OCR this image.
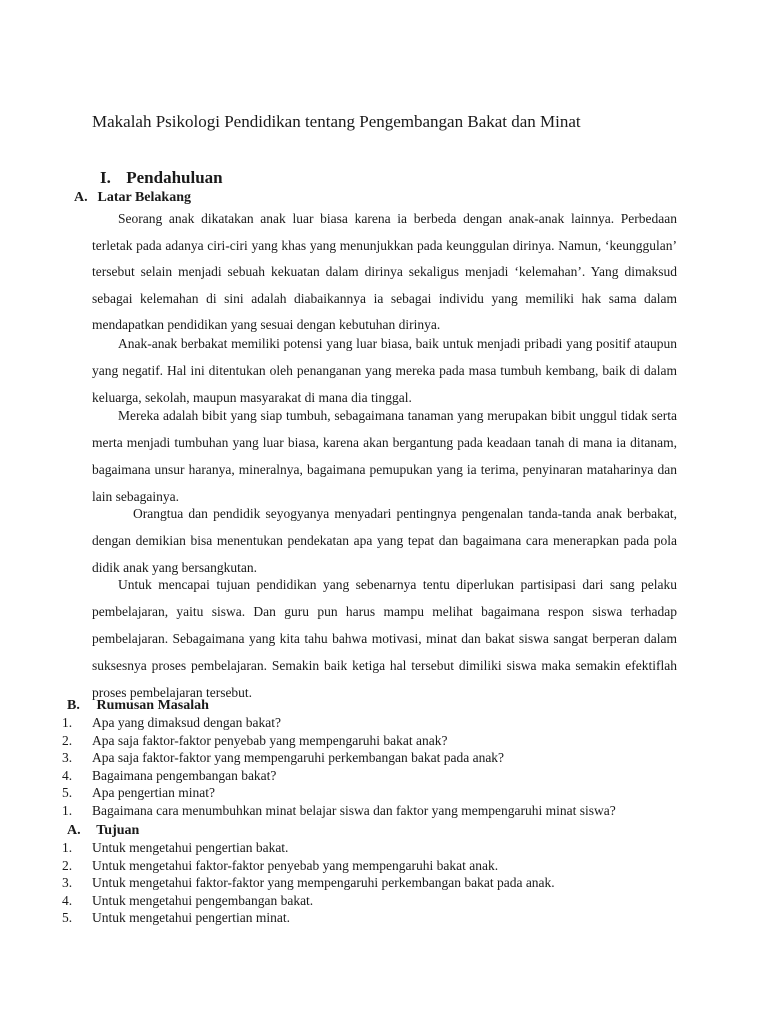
Makalah Psikologi Pendidikan tentang Pengembangan Bakat dan Minat
I. Pendahuluan
A. Latar Belakang

Seorang anak dikatakan anak luar biasa karena ia berbeda dengan anak-anak lainnya. Perbedaan terletak pada adanya ciri-ciri yang khas yang menunjukkan pada keunggulan dirinya. Namun, ‘keunggulan’ tersebut selain menjadi sebuah kekuatan dalam dirinya sekaligus menjadi ‘kelemahan’. Yang dimaksud sebagai kelemahan di sini adalah diabaikannya ia sebagai individu yang memiliki hak sama dalam mendapatkan pendidikan yang sesuai dengan kebutuhan dirinya.

Anak-anak berbakat memiliki potensi yang luar biasa, baik untuk menjadi pribadi yang positif ataupun yang negatif. Hal ini ditentukan oleh penanganan yang mereka pada masa tumbuh kembang, baik di dalam keluarga, sekolah, maupun masyarakat di mana dia tinggal.

Mereka adalah bibit yang siap tumbuh, sebagaimana tanaman yang merupakan bibit unggul tidak serta merta menjadi tumbuhan yang luar biasa, karena akan bergantung pada keadaan tanah di mana ia ditanam, bagaimana unsur haranya, mineralnya, bagaimana pemupukan yang ia terima, penyinaran mataharinya dan lain sebagainya.

Orangtua dan pendidik seyogyanya menyadari pentingnya pengenalan tanda-tanda anak berbakat, dengan demikian bisa menentukan pendekatan apa yang tepat dan bagaimana cara menerapkan pada pola didik anak yang bersangkutan.

Untuk mencapai tujuan pendidikan yang sebenarnya tentu diperlukan partisipasi dari sang pelaku pembelajaran, yaitu siswa. Dan guru pun harus mampu melihat bagaimana respon siswa terhadap pembelajaran. Sebagaimana yang kita tahu bahwa motivasi, minat dan bakat siswa sangat berperan dalam suksesnya proses pembelajaran. Semakin baik ketiga hal tersebut dimiliki siswa maka semakin efektiflah proses pembelajaran tersebut.

B. Rumusan Masalah
1. Apa yang dimaksud dengan bakat?
2. Apa saja faktor-faktor penyebab yang mempengaruhi bakat anak?
3. Apa saja faktor-faktor yang mempengaruhi perkembangan bakat pada anak?
4. Bagaimana pengembangan bakat?
5. Apa pengertian minat?
1. Bagaimana cara menumbuhkan minat belajar siswa dan faktor yang mempengaruhi minat siswa?
A. Tujuan
1. Untuk mengetahui pengertian bakat.
2. Untuk mengetahui faktor-faktor penyebab yang mempengaruhi bakat anak.
3. Untuk mengetahui faktor-faktor yang mempengaruhi perkembangan bakat pada anak.
4. Untuk mengetahui pengembangan bakat.
5. Untuk mengetahui pengertian minat.
